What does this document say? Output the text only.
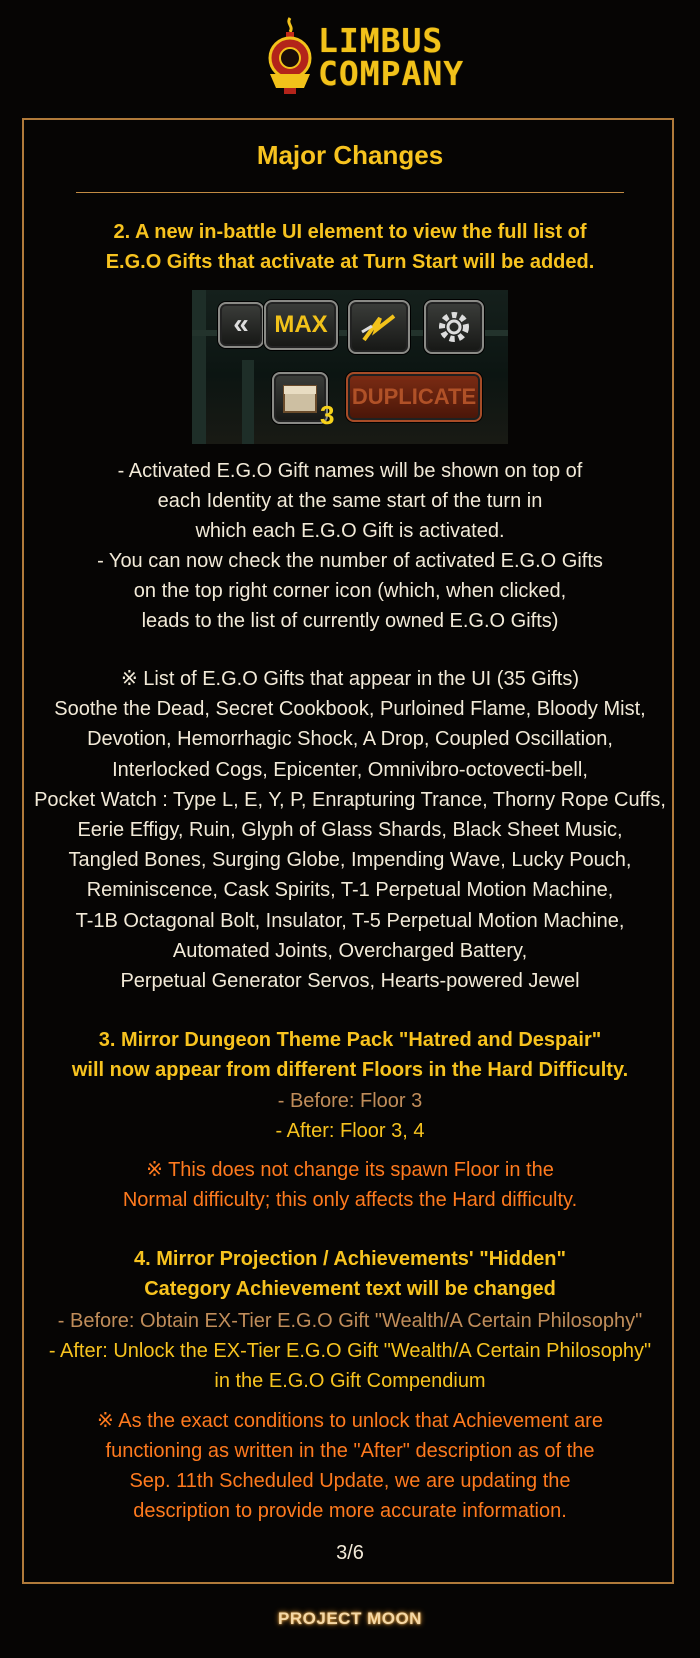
LIMBUS
COMPANY
Major Changes
2. A new in-battle UI element to view the full list of
E.G.O Gifts that activate at Turn Start will be added.
«	MAX
3
DUPLICATE
- Activated E.G.O Gift names will be shown on top of
each Identity at the same start of the turn in
which each E.G.O Gift is activated.
- You can now check the number of activated E.G.O Gifts
on the top right corner icon (which, when clicked,
leads to the list of currently owned E.G.O Gifts)
※ List of E.G.O Gifts that appear in the UI (35 Gifts)
Soothe the Dead, Secret Cookbook, Purloined Flame, Bloody Mist,
Devotion, Hemorrhagic Shock, A Drop, Coupled Oscillation,
Interlocked Cogs, Epicenter, Omnivibro-octovecti-bell,
Pocket Watch : Type L, E, Y, P, Enrapturing Trance, Thorny Rope Cuffs,
Eerie Effigy, Ruin, Glyph of Glass Shards, Black Sheet Music,
Tangled Bones, Surging Globe, Impending Wave, Lucky Pouch,
Reminiscence, Cask Spirits, T-1 Perpetual Motion Machine,
T-1B Octagonal Bolt, Insulator, T-5 Perpetual Motion Machine,
Automated Joints, Overcharged Battery,
Perpetual Generator Servos, Hearts-powered Jewel
3. Mirror Dungeon Theme Pack "Hatred and Despair"
will now appear from different Floors in the Hard Difficulty.
- Before: Floor 3
- After: Floor 3, 4
※ This does not change its spawn Floor in the
Normal difficulty; this only affects the Hard difficulty.
4. Mirror Projection / Achievements' "Hidden"
Category Achievement text will be changed
- Before: Obtain EX-Tier E.G.O Gift "Wealth/A Certain Philosophy"
- After: Unlock the EX-Tier E.G.O Gift "Wealth/A Certain Philosophy"
in the E.G.O Gift Compendium
※ As the exact conditions to unlock that Achievement are
functioning as written in the "After" description as of the
Sep. 11th Scheduled Update, we are updating the
description to provide more accurate information.
3/6
PROJECT MOON
